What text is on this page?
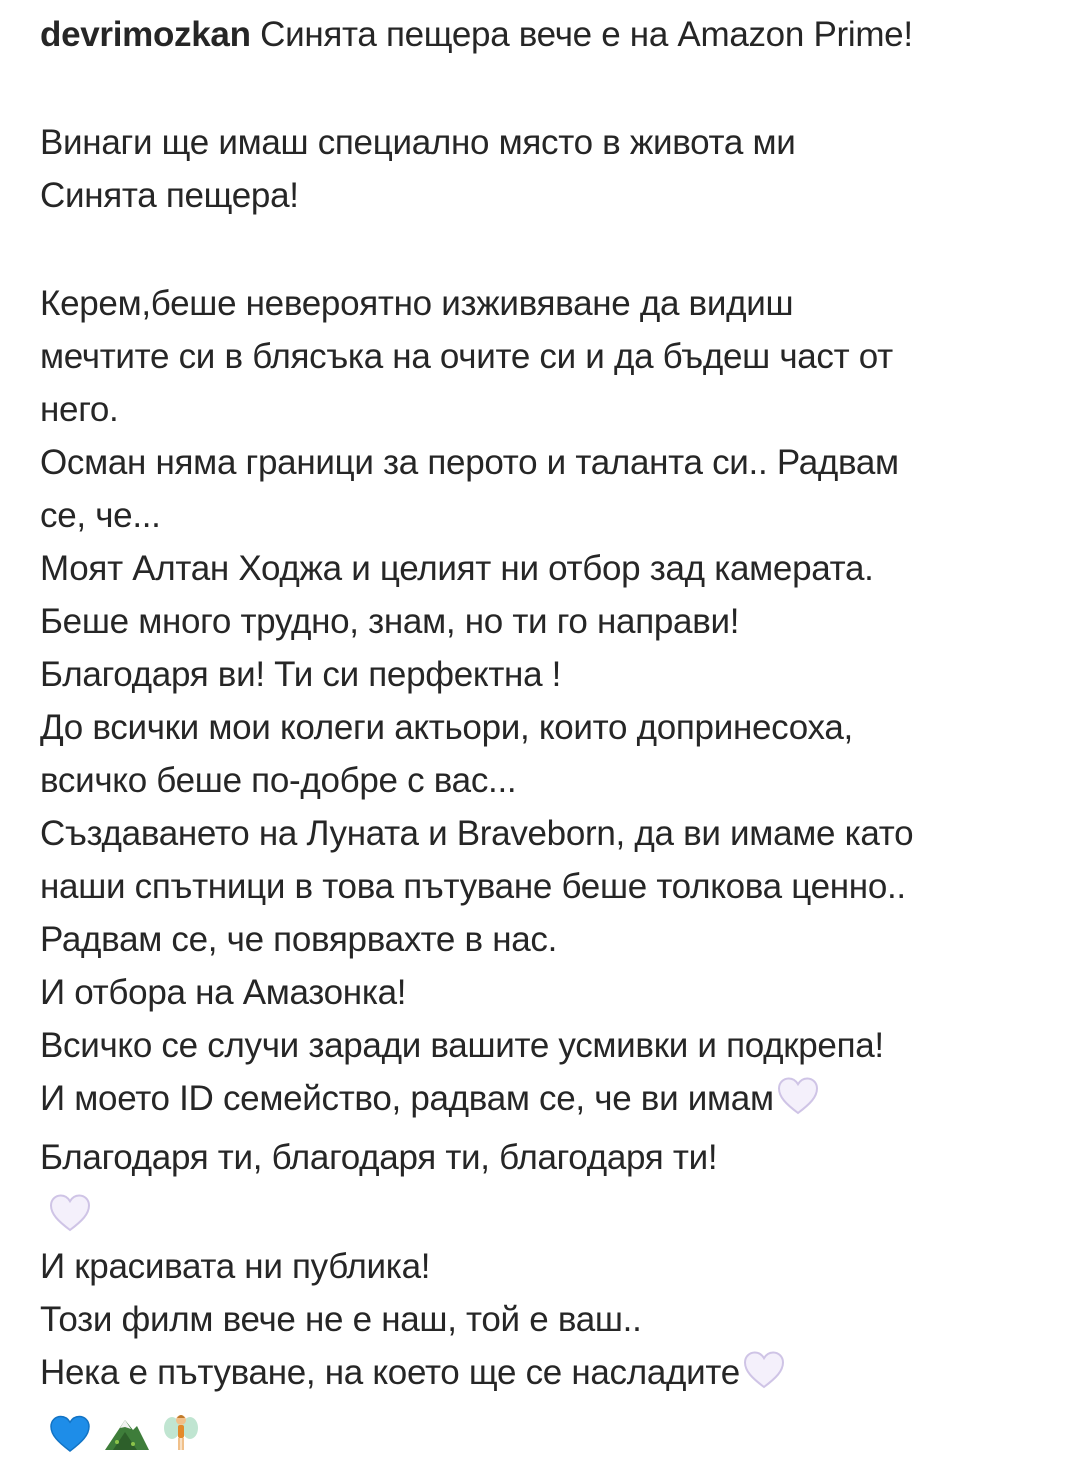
devrimozkan Синята пещера вече е на Amazon Prime!
Винаги ще имаш специално място в живота ми
Синята пещера!
Керем,беше невероятно изживяване да видиш
мечтите си в блясъка на очите си и да бъдеш част от
него.
Осман няма граници за перото и таланта си.. Радвам
се, че...
Моят Алтан Ходжа и целият ни отбор зад камерата.
Беше много трудно, знам, но ти го направи!
Благодаря ви! Ти си перфектна !
До всички мои колеги актьори, които допринесоха,
всичко беше по-добре с вас...
Създаването на Луната и Braveborn, да ви имаме като
наши спътници в това пътуване беше толкова ценно..
Радвам се, че повярвахте в нас.
И отбора на Амазонка!
Всичко се случи заради вашите усмивки и подкрепа!
И моето ID семейство, радвам се, че ви имам
Благодаря ти, благодаря ти, благодаря ти!
И красивата ни публика!
Този филм вече не е наш, той е ваш..
Нека е пътуване, на което ще се насладите
